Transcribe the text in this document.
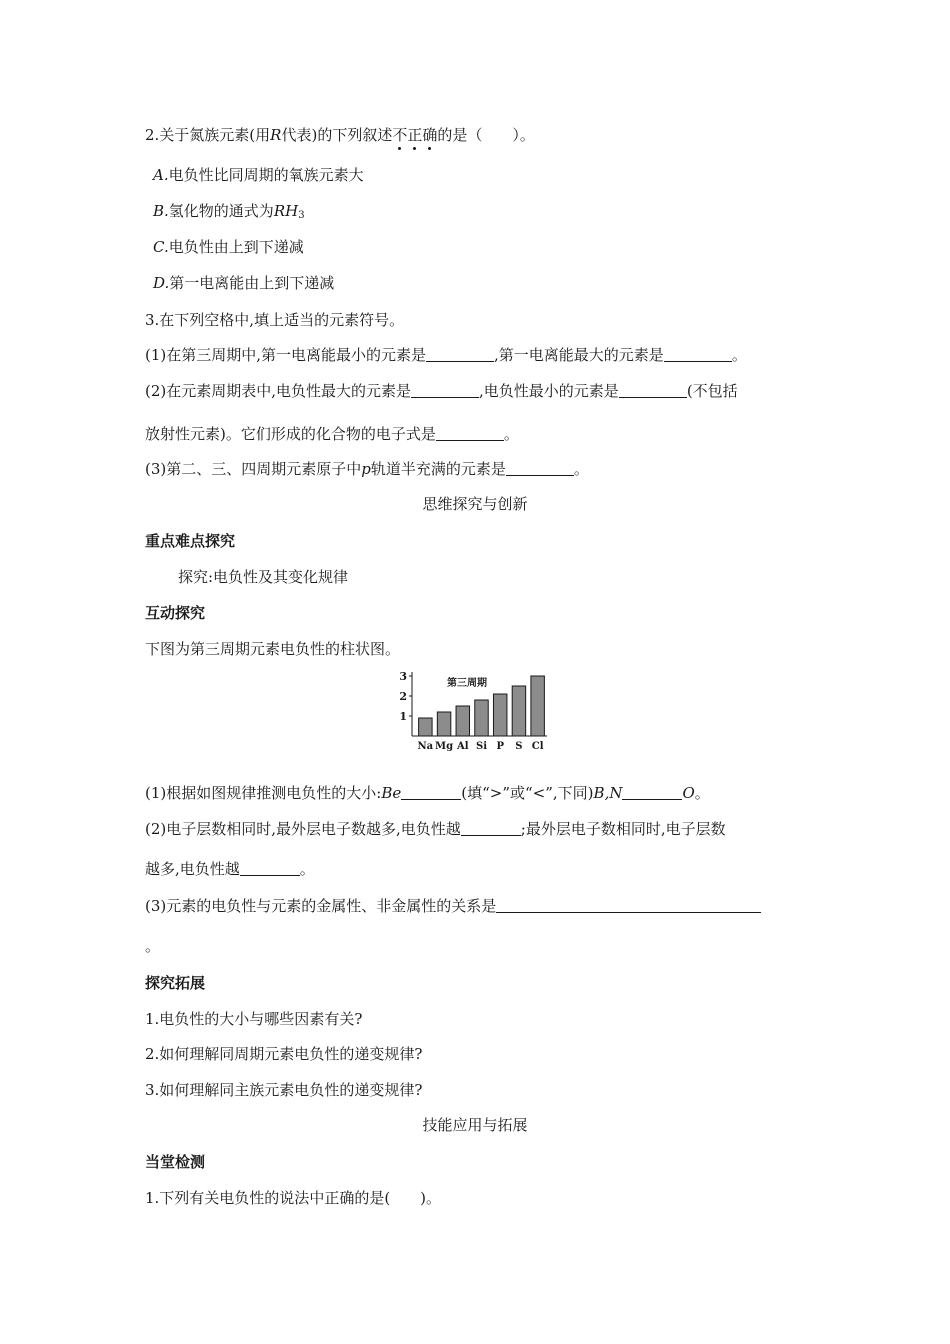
2.关于氮族元素(用R代表)的下列叙述不正确的是（　　）。
A.电负性比同周期的氧族元素大
B.氢化物的通式为$RH_3$
C.电负性由上到下递减
D.第一电离能由上到下递减
3.在下列空格中,填上适当的元素符号。
(1)在第三周期中,第一电离能最小的元素是	,第一电离能最大的元素是	。
(2)在元素周期表中,电负性最大的元素是	,电负性最小的元素是	(不包括
放射性元素)。它们形成的化合物的电子式是	。
(3)第二、三、四周期元素原子中p轨道半充满的元素是	。
思维探究与创新
重点难点探究
探究:电负性及其变化规律
互动探究
下图为第三周期元素电负性的柱状图。
1
2
3
第三周期
Na Mg Al Si P S Cl
(1)根据如图规律推测电负性的大小:Be	(填“>”或“<”,下同)B,N	O。
(2)电子层数相同时,最外层电子数越多,电负性越	;最外层电子数相同时,电子层数
越多,电负性越	。
(3)元素的电负性与元素的金属性、非金属性的关系是
。
探究拓展
1.电负性的大小与哪些因素有关?
2.如何理解同周期元素电负性的递变规律?
3.如何理解同主族元素电负性的递变规律?
技能应用与拓展
当堂检测
1.下列有关电负性的说法中正确的是(　　)。
